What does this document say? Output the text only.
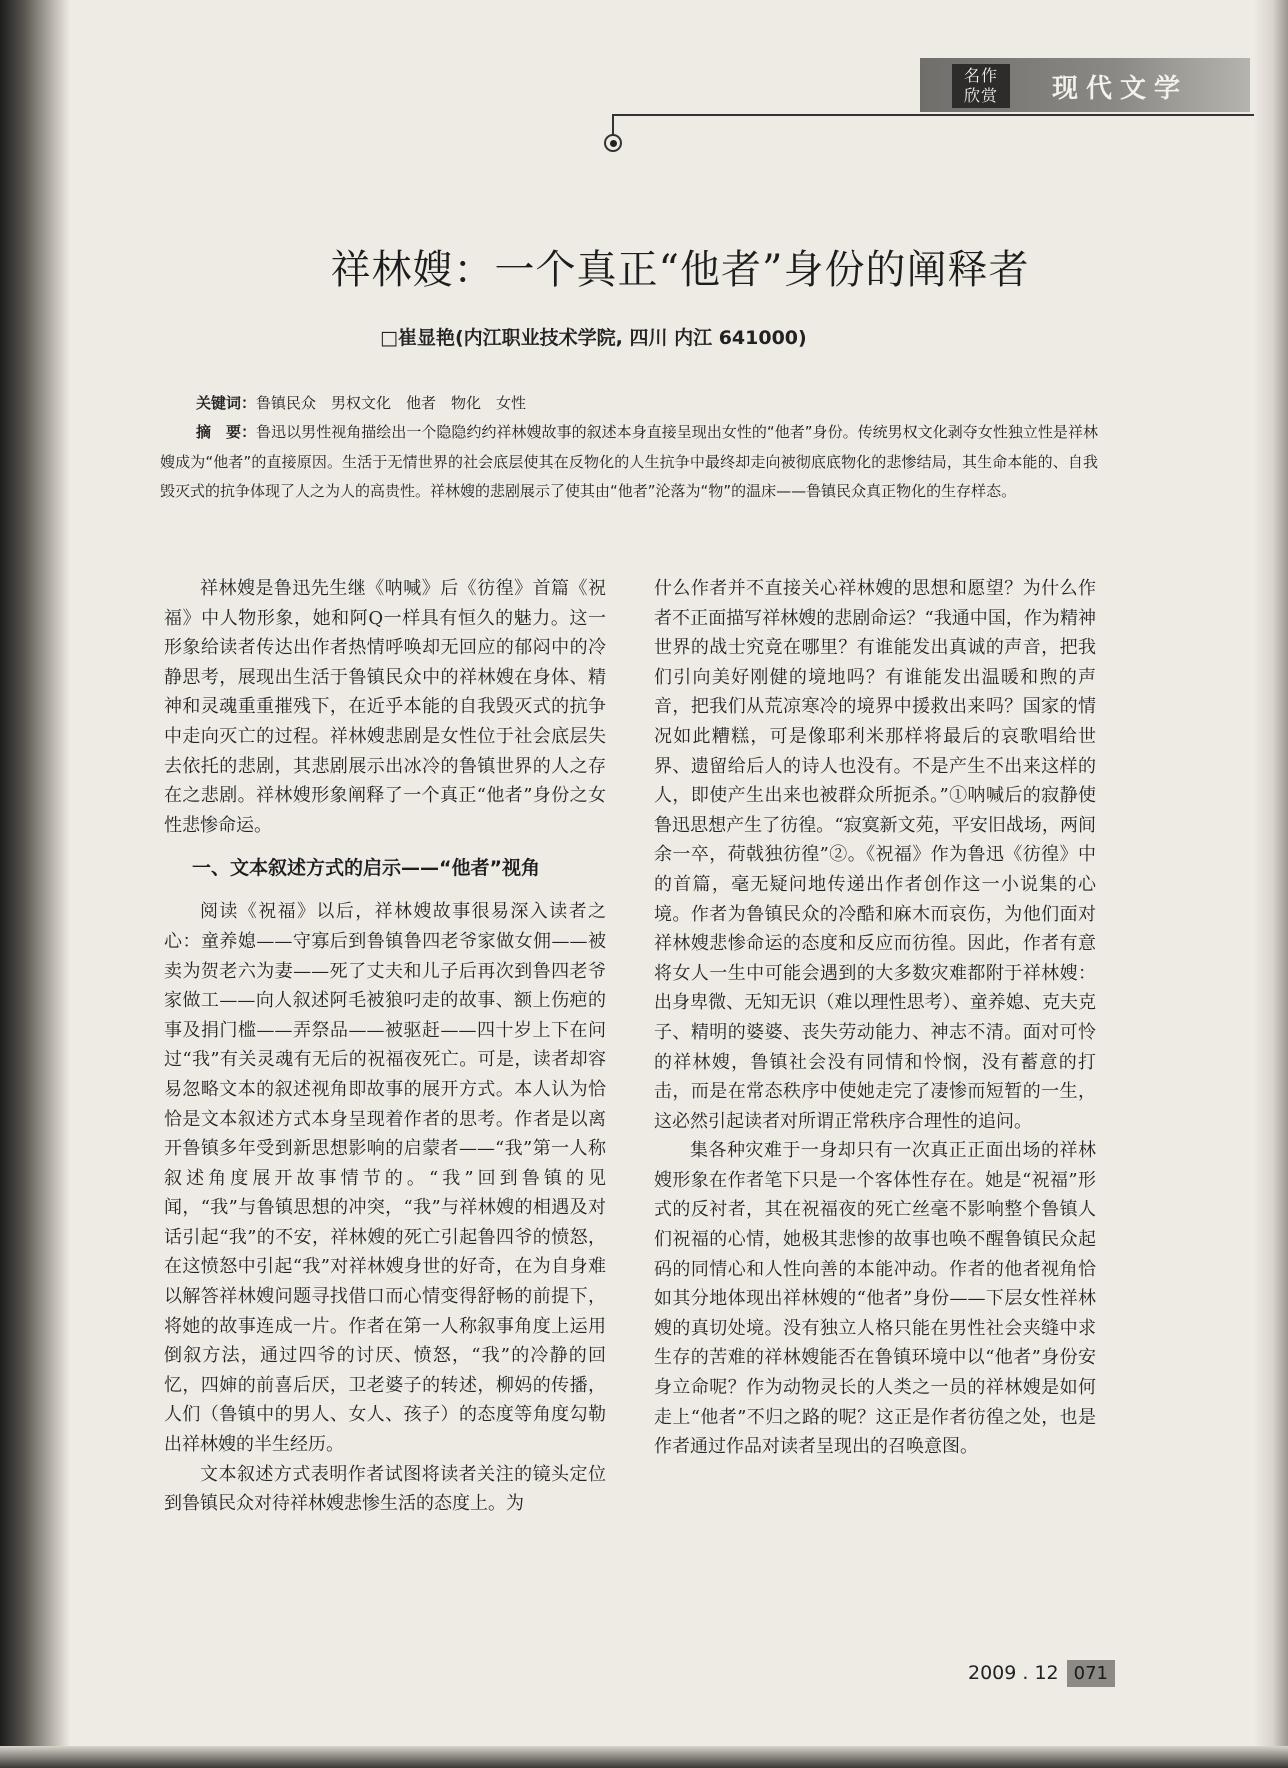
名作
欣赏	现代文学
祥林嫂：一个真正“他者”身份的阐释者
□崔显艳(内江职业技术学院, 四川 内江 641000)
关键词：鲁镇民众　男权文化　他者　物化　女性

摘　要：鲁迅以男性视角描绘出一个隐隐约约祥林嫂故事的叙述本身直接呈现出女性的“他者”身份。传统男权文化剥夺女性独立性是祥林嫂成为“他者”的直接原因。生活于无情世界的社会底层使其在反物化的人生抗争中最终却走向被彻底底物化的悲惨结局，其生命本能的、自我毁灭式的抗争体现了人之为人的高贵性。祥林嫂的悲剧展示了使其由“他者”沦落为“物”的温床——鲁镇民众真正物化的生存样态。

祥林嫂是鲁迅先生继《呐喊》后《彷徨》首篇《祝福》中人物形象，她和阿Q一样具有恒久的魅力。这一形象给读者传达出作者热情呼唤却无回应的郁闷中的冷静思考，展现出生活于鲁镇民众中的祥林嫂在身体、精神和灵魂重重摧残下，在近乎本能的自我毁灭式的抗争中走向灭亡的过程。祥林嫂悲剧是女性位于社会底层失去依托的悲剧，其悲剧展示出冰冷的鲁镇世界的人之存在之悲剧。祥林嫂形象阐释了一个真正“他者”身份之女性悲惨命运。

一、文本叙述方式的启示——“他者”视角

阅读《祝福》以后，祥林嫂故事很易深入读者之心：童养媳——守寡后到鲁镇鲁四老爷家做女佣——被卖为贺老六为妻——死了丈夫和儿子后再次到鲁四老爷家做工——向人叙述阿毛被狼叼走的故事、额上伤疤的事及捐门槛——弄祭品——被驱赶——四十岁上下在问过“我”有关灵魂有无后的祝福夜死亡。可是，读者却容易忽略文本的叙述视角即故事的展开方式。本人认为恰恰是文本叙述方式本身呈现着作者的思考。作者是以离开鲁镇多年受到新思想影响的启蒙者——“我”第一人称叙述角度展开故事情节的。“我”回到鲁镇的见闻，“我”与鲁镇思想的冲突，“我”与祥林嫂的相遇及对话引起“我”的不安，祥林嫂的死亡引起鲁四爷的愤怒，在这愤怒中引起“我”对祥林嫂身世的好奇，在为自身难以解答祥林嫂问题寻找借口而心情变得舒畅的前提下，将她的故事连成一片。作者在第一人称叙事角度上运用倒叙方法，通过四爷的讨厌、愤怒，“我”的冷静的回忆，四婶的前喜后厌，卫老婆子的转述，柳妈的传播，人们（鲁镇中的男人、女人、孩子）的态度等角度勾勒出祥林嫂的半生经历。

文本叙述方式表明作者试图将读者关注的镜头定位到鲁镇民众对待祥林嫂悲惨生活的态度上。为

什么作者并不直接关心祥林嫂的思想和愿望？为什么作者不正面描写祥林嫂的悲剧命运？“我通中国，作为精神世界的战士究竟在哪里？有谁能发出真诚的声音，把我们引向美好刚健的境地吗？有谁能发出温暖和煦的声音，把我们从荒凉寒冷的境界中援救出来吗？国家的情况如此糟糕，可是像耶利米那样将最后的哀歌唱给世界、遗留给后人的诗人也没有。不是产生不出来这样的人，即使产生出来也被群众所扼杀。”①呐喊后的寂静使鲁迅思想产生了彷徨。“寂寞新文苑，平安旧战场，两间余一卒，荷戟独彷徨”②。《祝福》作为鲁迅《彷徨》中的首篇，毫无疑问地传递出作者创作这一小说集的心境。作者为鲁镇民众的冷酷和麻木而哀伤，为他们面对祥林嫂悲惨命运的态度和反应而彷徨。因此，作者有意将女人一生中可能会遇到的大多数灾难都附于祥林嫂：出身卑微、无知无识（难以理性思考）、童养媳、克夫克子、精明的婆婆、丧失劳动能力、神志不清。面对可怜的祥林嫂，鲁镇社会没有同情和怜悯，没有蓄意的打击，而是在常态秩序中使她走完了凄惨而短暂的一生，这必然引起读者对所谓正常秩序合理性的追问。

集各种灾难于一身却只有一次真正正面出场的祥林嫂形象在作者笔下只是一个客体性存在。她是“祝福”形式的反衬者，其在祝福夜的死亡丝毫不影响整个鲁镇人们祝福的心情，她极其悲惨的故事也唤不醒鲁镇民众起码的同情心和人性向善的本能冲动。作者的他者视角恰如其分地体现出祥林嫂的“他者”身份——下层女性祥林嫂的真切处境。没有独立人格只能在男性社会夹缝中求生存的苦难的祥林嫂能否在鲁镇环境中以“他者”身份安身立命呢？作为动物灵长的人类之一员的祥林嫂是如何走上“他者”不归之路的呢？这正是作者彷徨之处，也是作者通过作品对读者呈现出的召唤意图。

2009 . 12 071
